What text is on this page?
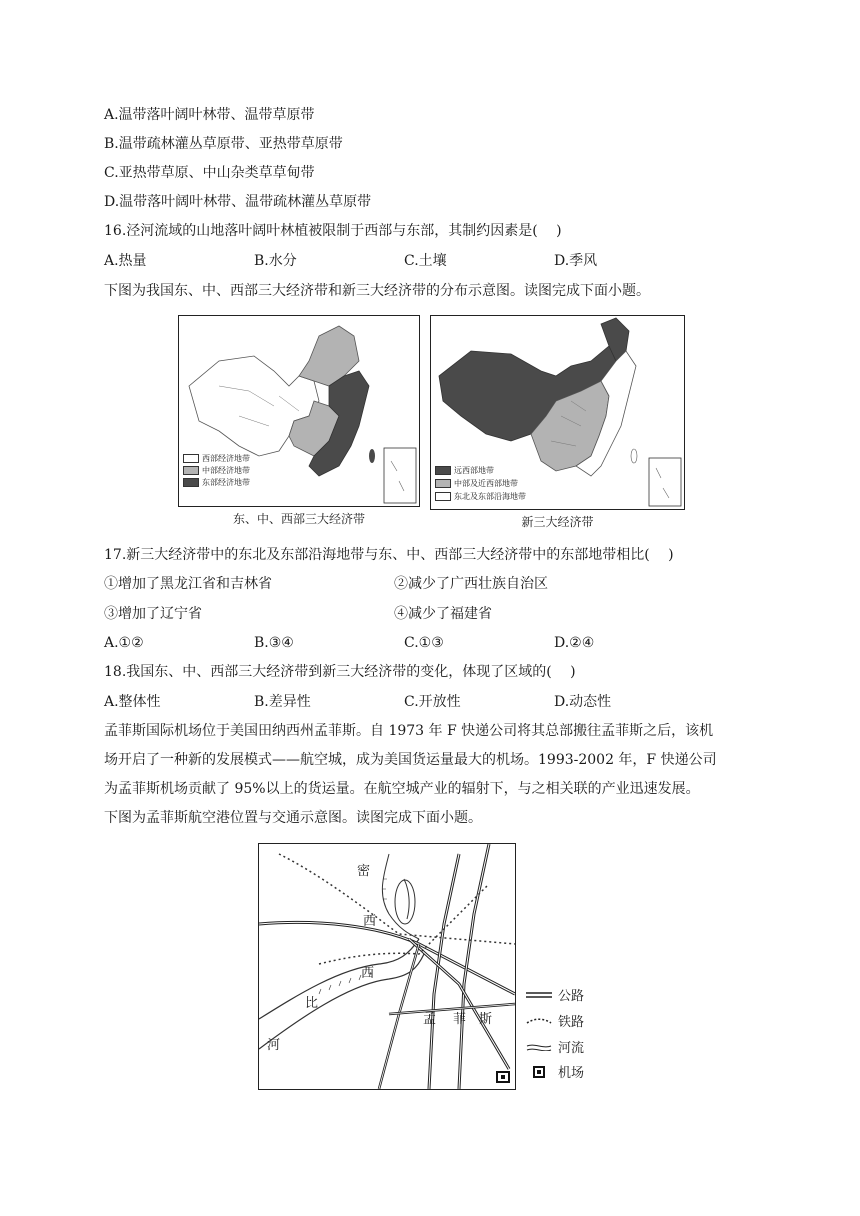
A.温带落叶阔叶林带、温带草原带
B.温带疏林灌丛草原带、亚热带草原带
C.亚热带草原、中山杂类草草甸带
D.温带落叶阔叶林带、温带疏林灌丛草原带
16.泾河流域的山地落叶阔叶林植被限制于西部与东部，其制约因素是(　 )
A.热量	B.水分	C.土壤	D.季风
下图为我国东、中、西部三大经济带和新三大经济带的分布示意图。读图完成下面小题。
西部经济地带
中部经济地带
东部经济地带
东、中、西部三大经济带
远西部地带
中部及近西部地带
东北及东部沿海地带
新三大经济带
17.新三大经济带中的东北及东部沿海地带与东、中、西部三大经济带中的东部地带相比(　 )
①增加了黑龙江省和吉林省	②减少了广西壮族自治区
③增加了辽宁省	④减少了福建省
A.①②	B.③④	C.①③	D.②④
18.我国东、中、西部三大经济带到新三大经济带的变化，体现了区域的(　 )
A.整体性	B.差异性	C.开放性	D.动态性
孟菲斯国际机场位于美国田纳西州孟菲斯。自 1973 年 F 快递公司将其总部搬往孟菲斯之后，该机
场开启了一种新的发展模式——航空城，成为美国货运量最大的机场。1993-2002 年，F 快递公司
为孟菲斯机场贡献了 95%以上的货运量。在航空城产业的辐射下，与之相关联的产业迅速发展。
下图为孟菲斯航空港位置与交通示意图。读图完成下面小题。
密
西
西
比
河
孟 菲 斯
公路
铁路
河流
机场
